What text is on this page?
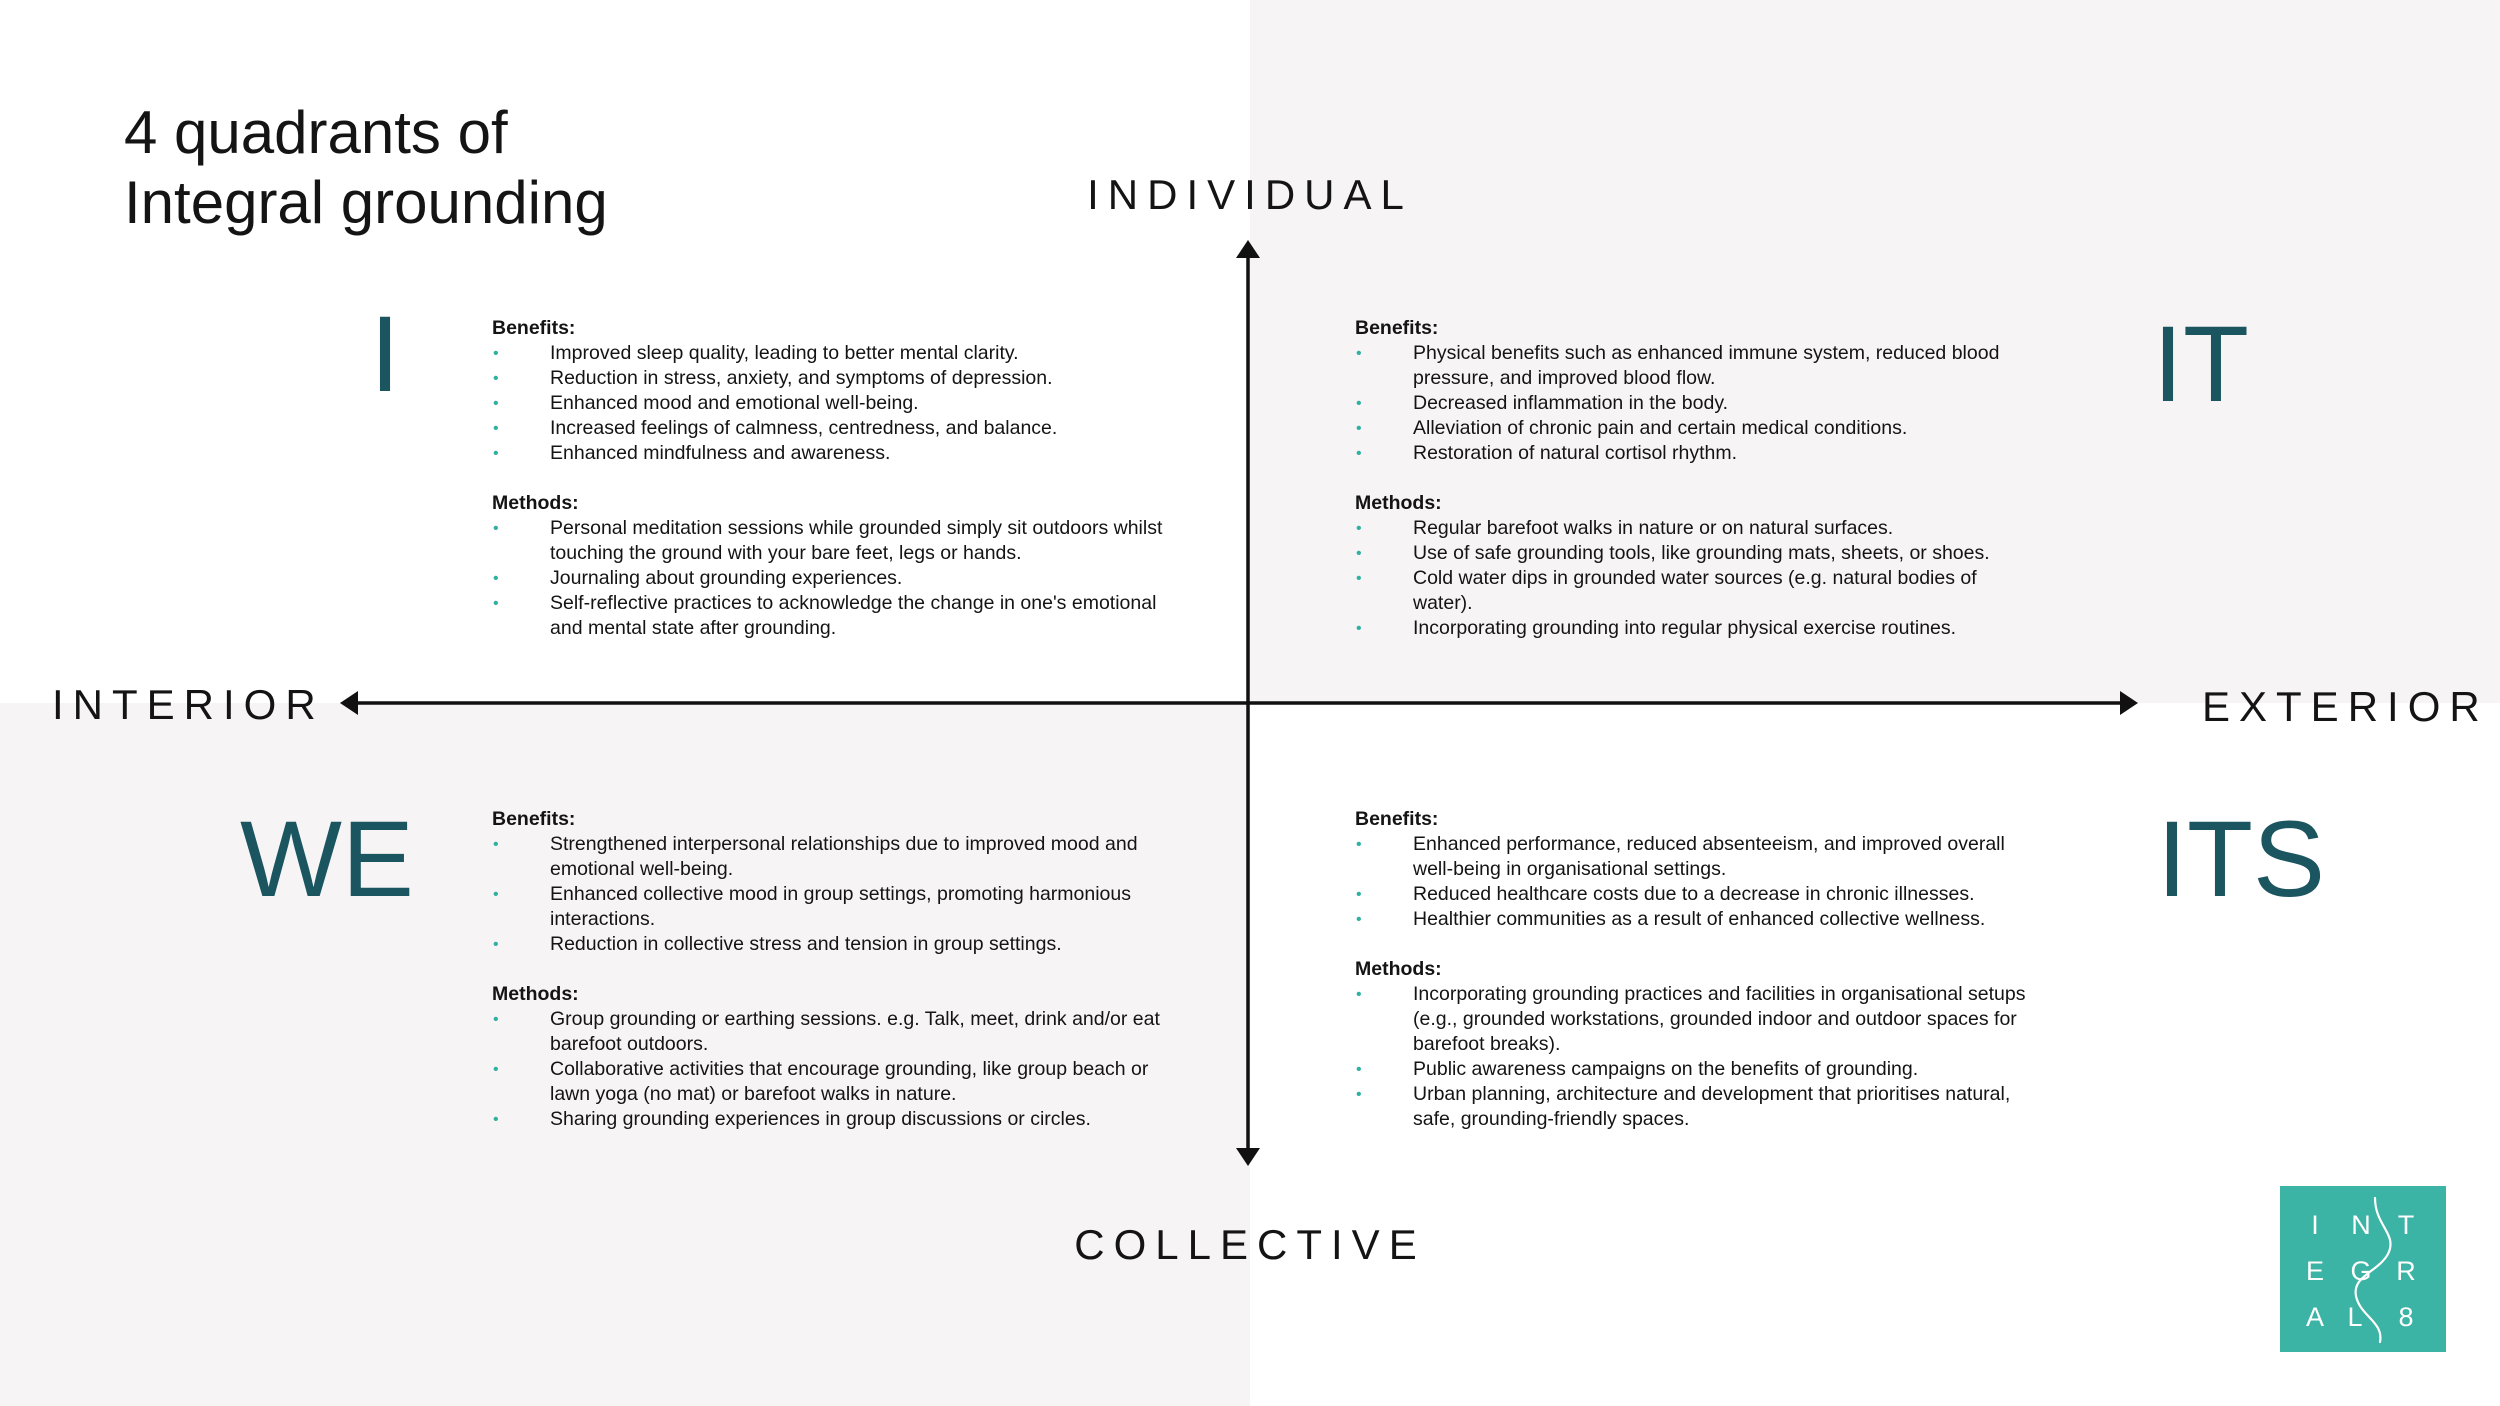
4 quadrants of
Integral grounding	INDIVIDUAL
COLLECTIVE
INTERIOR	EXTERIOR
I	IT
WE	ITS
Benefits:
• Improved sleep quality, leading to better mental clarity.
• Reduction in stress, anxiety, and symptoms of depression.
• Enhanced mood and emotional well-being.
• Increased feelings of calmness, centredness, and balance.
• Enhanced mindfulness and awareness.
Methods:
• Personal meditation sessions while grounded simply sit outdoors whilst touching the ground with your bare feet, legs or hands.
• Journaling about grounding experiences.
• Self-reflective practices to acknowledge the change in one's emotional and mental state after grounding.
Benefits:
• Physical benefits such as enhanced immune system, reduced blood pressure, and improved blood flow.
• Decreased inflammation in the body.
• Alleviation of chronic pain and certain medical conditions.
• Restoration of natural cortisol rhythm.
Methods:
• Regular barefoot walks in nature or on natural surfaces.
• Use of safe grounding tools, like grounding mats, sheets, or shoes.
• Cold water dips in grounded water sources (e.g. natural bodies of water).
• Incorporating grounding into regular physical exercise routines.
Benefits:
• Strengthened interpersonal relationships due to improved mood and emotional well-being.
• Enhanced collective mood in group settings, promoting harmonious interactions.
• Reduction in collective stress and tension in group settings.
Methods:
• Group grounding or earthing sessions. e.g. Talk, meet, drink and/or eat barefoot outdoors.
• Collaborative activities that encourage grounding, like group beach or lawn yoga (no mat) or barefoot walks in nature.
• Sharing grounding experiences in group discussions or circles.
Benefits:
• Enhanced performance, reduced absenteeism, and improved overall well-being in organisational settings.
• Reduced healthcare costs due to a decrease in chronic illnesses.
• Healthier communities as a result of enhanced collective wellness.
Methods:
• Incorporating grounding practices and facilities in organisational setups (e.g., grounded workstations, grounded indoor and outdoor spaces for barefoot breaks).
• Public awareness campaigns on the benefits of grounding.
• Urban planning, architecture and development that prioritises natural, safe, grounding-friendly spaces.
I	N T
E G R
A L 8
